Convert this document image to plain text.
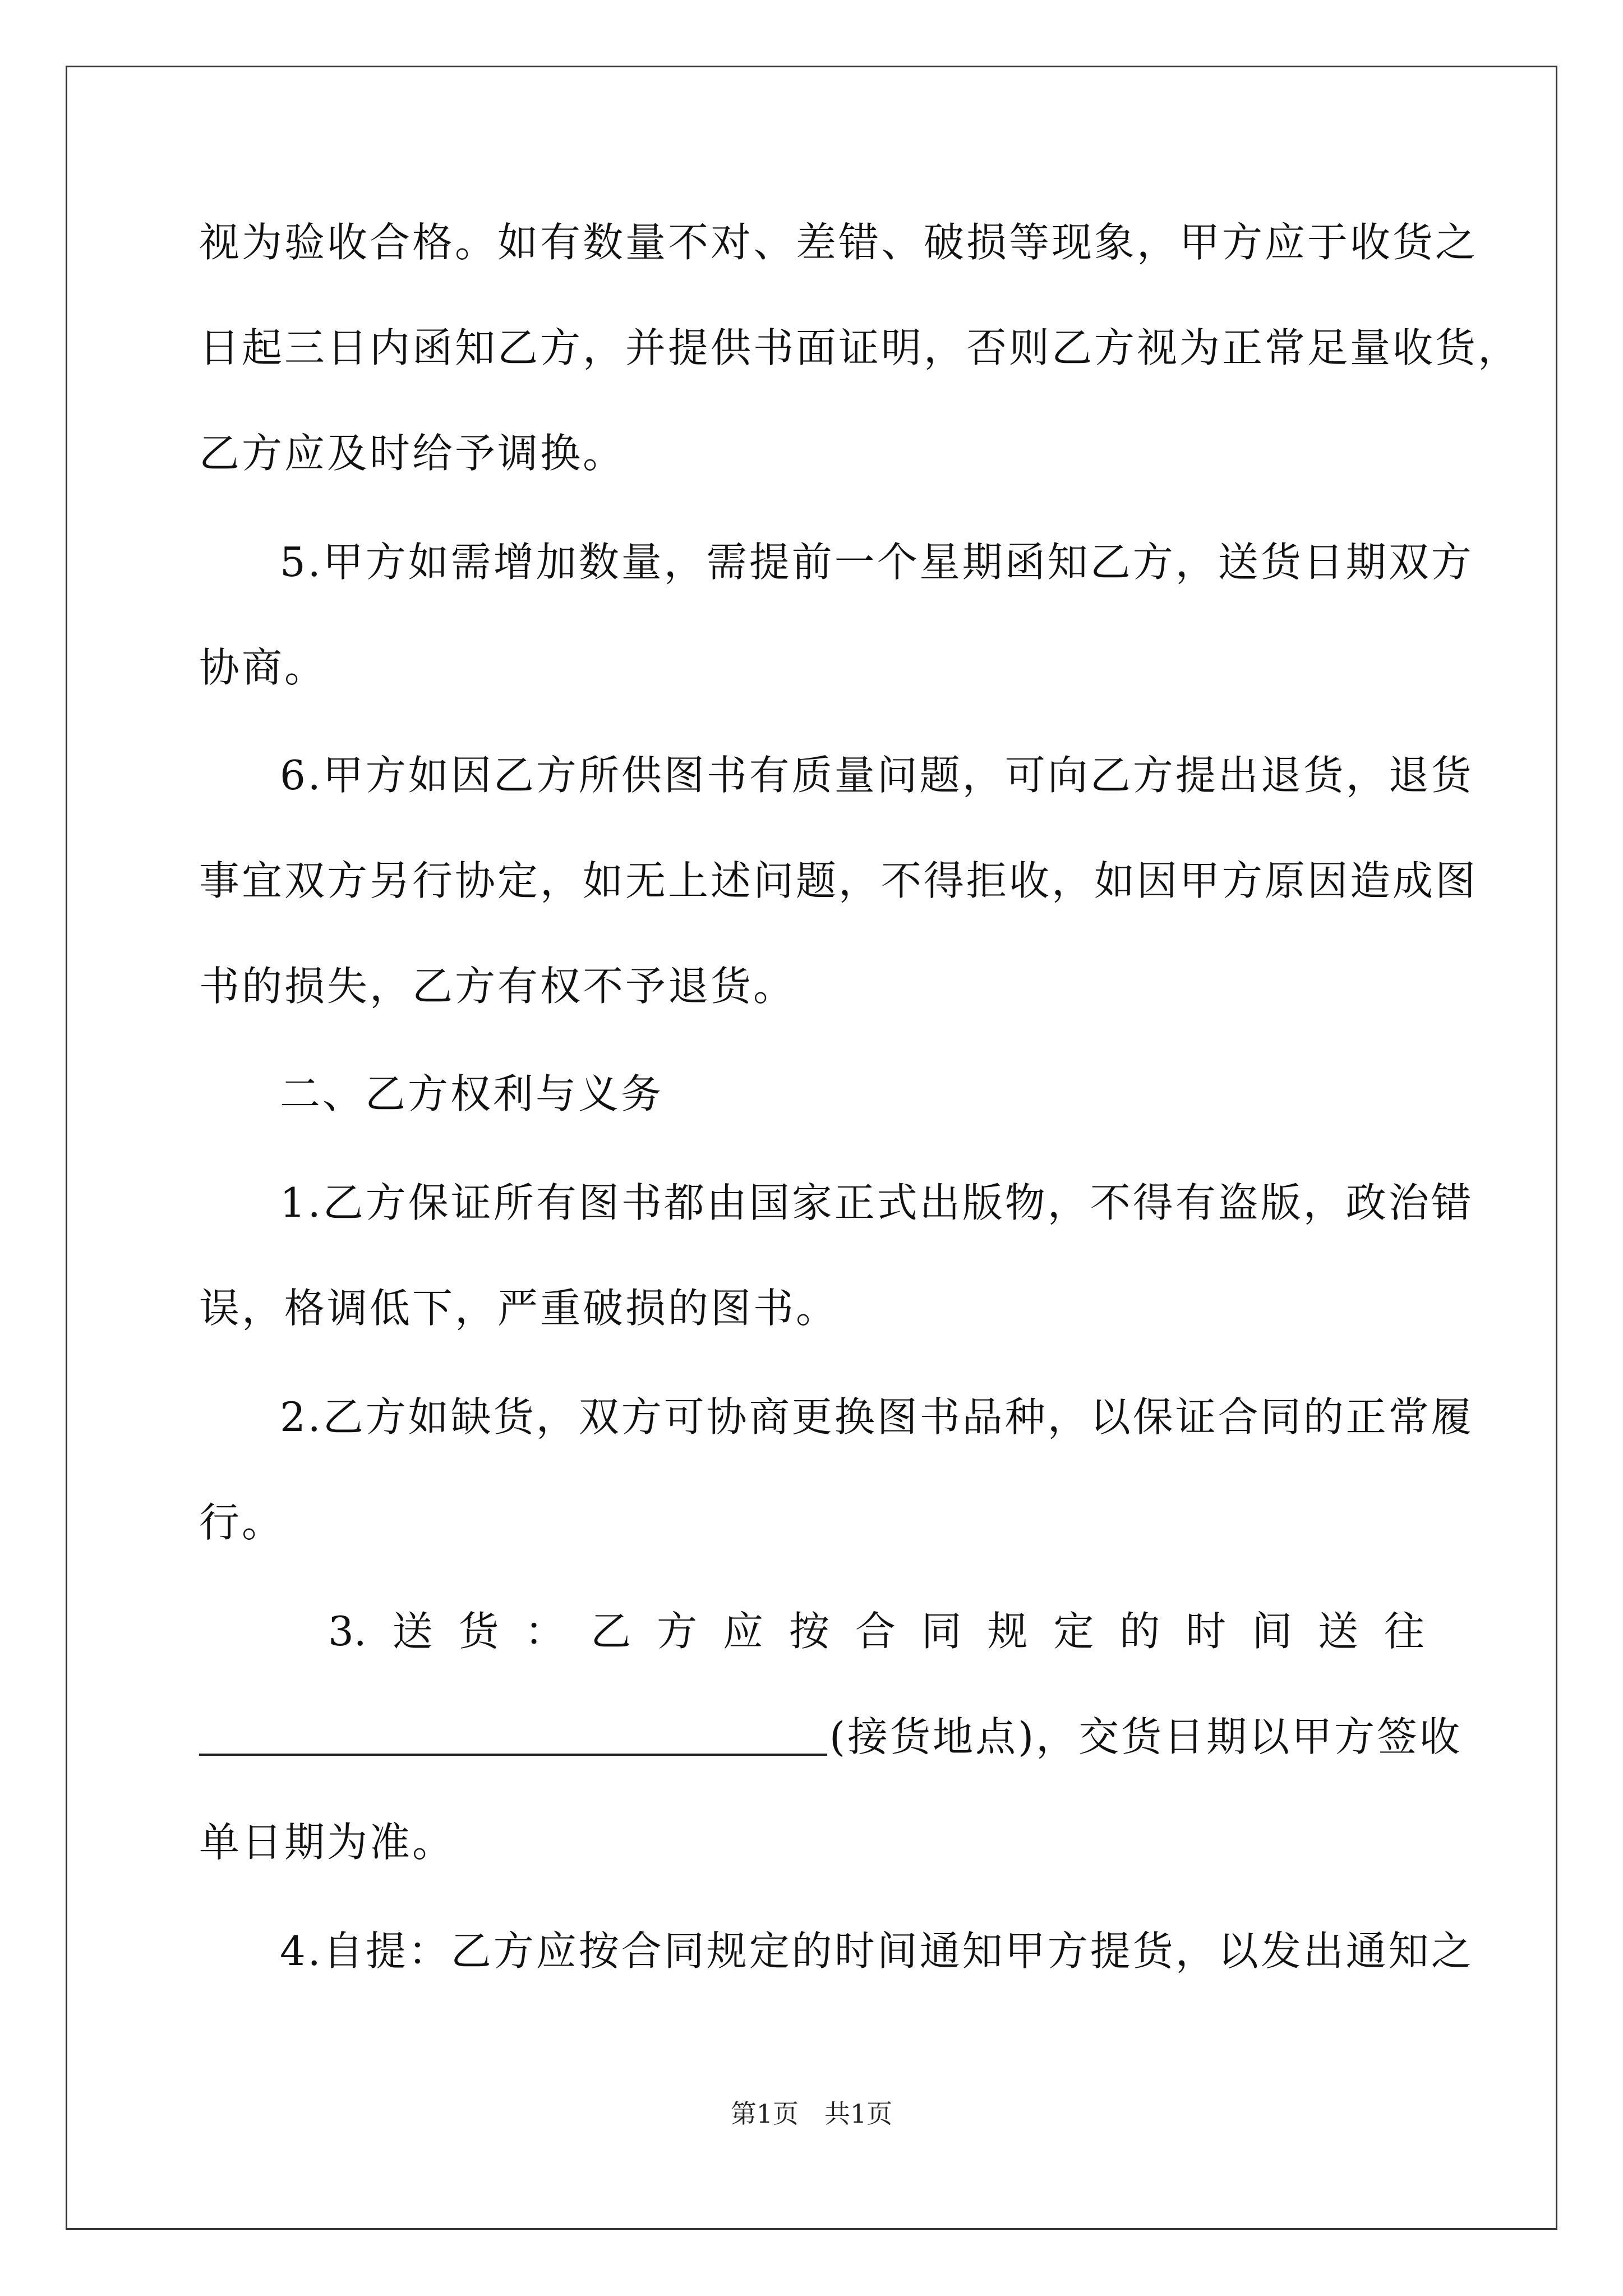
视为验收合格。如有数量不对、差错、破损等现象，甲方应于收货之
日起三日内函知乙方，并提供书面证明，否则乙方视为正常足量收货，
乙方应及时给予调换。
5.甲方如需增加数量，需提前一个星期函知乙方，送货日期双方
协商。
6.甲方如因乙方所供图书有质量问题，可向乙方提出退货，退货
事宜双方另行协定，如无上述问题，不得拒收，如因甲方原因造成图
书的损失，乙方有权不予退货。
二、乙方权利与义务
1.乙方保证所有图书都由国家正式出版物，不得有盗版，政治错
误，格调低下，严重破损的图书。
2.乙方如缺货，双方可协商更换图书品种，以保证合同的正常履
行。
3. 送 货 ： 乙 方 应 按 合 同 规 定 的 时 间 送 往
(接货地点)，交货日期以甲方签收
单日期为准。
4.自提：乙方应按合同规定的时间通知甲方提货，以发出通知之
第1页　共1页
